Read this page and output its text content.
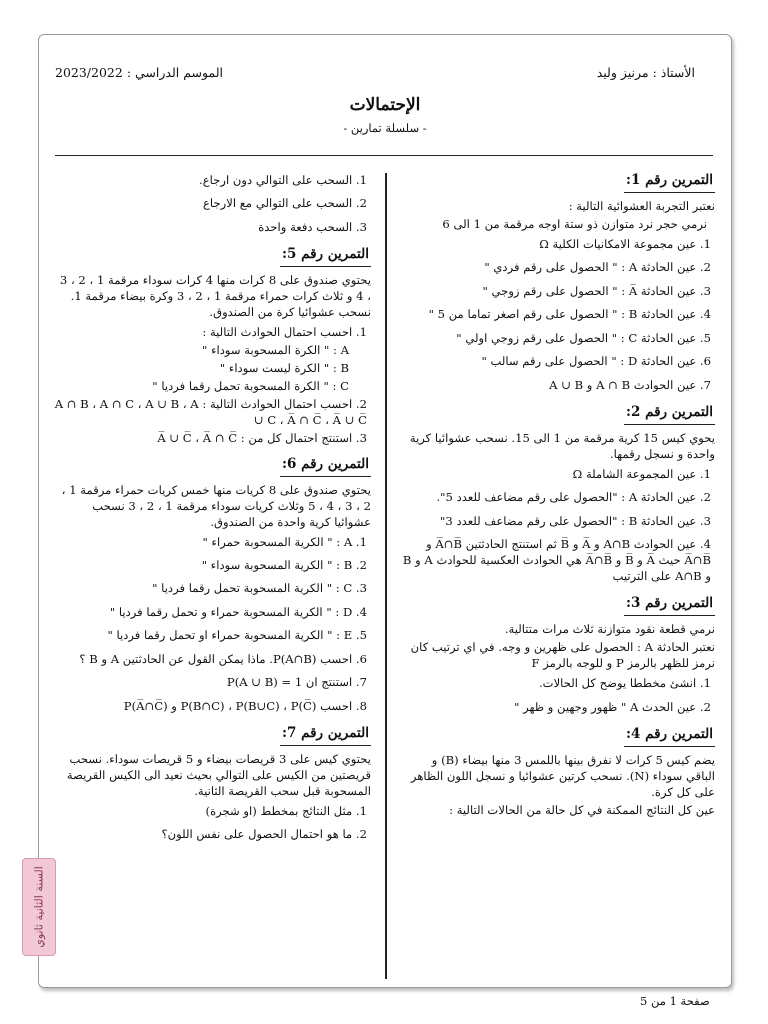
الأستاذ : مرنيز وليد
الموسم الدراسي : 2023/2022
الإحتمالات
- سلسلة تمارين -
التمرين رقم 1:
نعتبر التجربة العشوائية التالية :
نرمي حجر نرد متوازن ذو ستة اوجه مرقمة من 1 الى 6
1. عين مجموعة الامكانيات الكلية Ω
2. عين الحادثة A : " الحصول على رقم فردي "
3. عين الحادثة A̅ : " الحصول على رقم زوجي "
4. عين الحادثة B : " الحصول على رقم اصغر تماما من 5 "
5. عين الحادثة C : " الحصول على رقم زوجي اولي "
6. عين الحادثة D : " الحصول على رقم سالب "
7. عين الحوادث A ∩ B و A ∪ B
التمرين رقم 2:
يحوي كيس 15 كرية مرقمة من 1 الى 15. نسحب عشوائيا كرية واحدة و نسجل رقمها.
1. عين المجموعة الشاملة Ω
2. عين الحادثة A : "الحصول على رقم مضاعف للعدد 5".
3. عين الحادثة B : "الحصول على رقم مضاعف للعدد 3"
4. عين الحوادث A∩B و A̅ و B̅ ثم استنتج الحادثتين A̅∩B̅ و A̅∩B̅ حيث A̅ و B̅ و A̅∩B̅ هي الحوادث العكسية للحوادث A و B و A∩B على الترتيب
التمرين رقم 3:
نرمي قطعة نقود متوازنة ثلاث مرات متتالية.
نعتبر الحادثة A : الحصول على ظهرين و وجه. في اي ترتيب كان نرمز للظهر بالرمز P و للوجه بالرمز F
1. انشئ مخططا يوضح كل الحالات.
2. عين الحدث A " ظهور وجهين و ظهر "
التمرين رقم 4:
يضم كيس 5 كرات لا نفرق بينها باللمس 3 منها بيضاء (B) و الباقي سوداء (N). نسحب كرتين عشوائيا و نسجل اللون الظاهر على كل كرة.
عين كل النتائج الممكنة في كل حالة من الحالات التالية :
1. السحب على التوالي دون ارجاع.
2. السحب على التوالي مع الارجاع
3. السحب دفعة واحدة
التمرين رقم 5:
يحتوي صندوق على 8 كرات منها 4 كرات سوداء مرقمة 1 ، 2 ، 3 ، 4 و ثلاث كرات حمراء مرقمة 1 ، 2 ، 3 وكرة بيضاء مرقمة 1. نسحب عشوائيا كرة من الصندوق.
1. احسب احتمال الحوادث التالية :
A : " الكرة المسحوبة سوداء "
B : " الكرة ليست سوداء "
C : " الكرة المسحوبة تحمل رقما فرديا "
2. احسب احتمال الحوادث التالية : A ∩ B ، A ∩ C ، A ∪ B ، A ∪ C ، A̅ ∩ C̅ ، A̅ ∪ C̅
3. استنتج احتمال كل من : A̅ ∪ C̅ ، A̅ ∩ C̅
التمرين رقم 6:
يحتوي صندوق على 8 كريات منها خمس كريات حمراء مرقمة 1 ، 2 ، 3 ، 4 ، 5 وثلاث كريات سوداء مرقمة 1 ، 2 ، 3 نسحب عشوائيا كرية واحدة من الصندوق.
1. A : " الكرية المسحوبة حمراء "
2. B : " الكرية المسحوبة سوداء "
3. C : " الكرية المسحوبة تحمل رقما فرديا "
4. D : " الكرية المسحوبة حمراء و تحمل رقما فرديا "
5. E : " الكرية المسحوبة حمراء او تحمل رقما فرديا "
6. احسب P(A∩B). ماذا يمكن القول عن الحادثتين A و B ؟
7. استنتج ان P(A ∪ B) = 1
8. احسب P(B∩C) ، P(B∪C) ، P(C̅) و P(A̅∩C̅)
التمرين رقم 7:
يحتوي كيس على 3 قريصات بيضاء و 5 قريصات سوداء. نسحب قريصتين من الكيس على التوالي بحيث نعيد الى الكيس القريصة المسحوبة قبل سحب القريصة الثانية.
1. مثل النتائج بمخطط (او شجرة)
2. ما هو احتمال الحصول على نفس اللون؟
السنة الثانية ثانوي
صفحة 1 من 5
